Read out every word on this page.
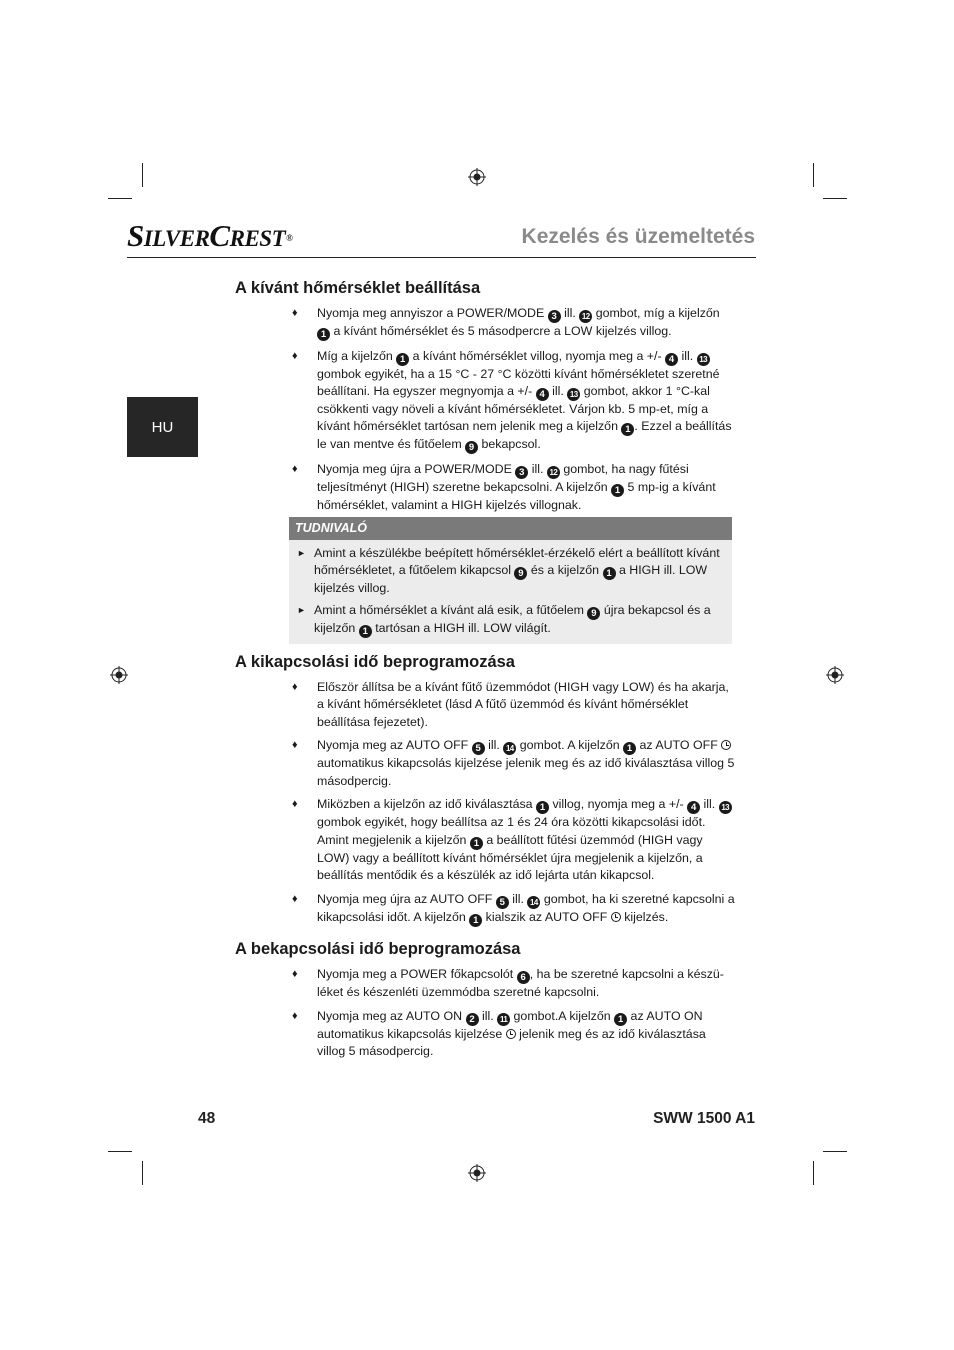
SILVERCREST®	Kezelés és üzemeltetés
HU
A kívánt hőmérséklet beállítása
♦ Nyomja meg annyiszor a POWER/MODE 3 ill. 12 gombot, míg a kijelzőn 1 a kívánt hőmérséklet és 5 másodpercre a LOW kijelzés villog.
♦ Míg a kijelzőn 1 a kívánt hőmérséklet villog, nyomja meg a +/- 4 ill. 13 gombok egyikét, ha a 15 °C - 27 °C közötti kívánt hőmérsékletet szeretné beállítani. Ha egyszer megnyomja a +/- 4 ill. 13 gombot, akkor 1 °C-kal csökkenti vagy növeli a kívánt hőmérsékletet. Várjon kb. 5 mp-et, míg a kívánt hőmérséklet tartósan nem jelenik meg a kijelzőn 1 . Ezzel a beállítás le van mentve és fűtőelem 9 bekapcsol.
♦ Nyomja meg újra a POWER/MODE 3 ill. 12 gombot, ha nagy fűtési teljesítményt (HIGH) szeretne bekapcsolni. A kijelzőn 1 5 mp-ig a kívánt hőmérséklet, valamint a HIGH kijelzés villognak.
TUDNIVALÓ
► Amint a készülékbe beépített hőmérséklet-érzékelő elért a beállított kívánt hőmérsékletet, a fűtőelem kikapcsol 9 és a kijelzőn 1 a HIGH ill. LOW kijelzés villog.
► Amint a hőmérséklet a kívánt alá esik, a fűtőelem 9 újra bekapcsol és a kijelzőn 1 tartósan a HIGH ill. LOW világít.
A kikapcsolási idő beprogramozása
♦ Először állítsa be a kívánt fűtő üzemmódot (HIGH vagy LOW) és ha akarja, a kívánt hőmérsékletet (lásd A fűtő üzemmód és kívánt hőmérséklet beállítása fejezetet).
♦ Nyomja meg az AUTO OFF 5 ill. 14 gombot. A kijelzőn 1 az AUTO OFF  automatikus kikapcsolás kijelzése jelenik meg és az idő kiválasztása villog 5 másodpercig.
♦ Miközben a kijelzőn az idő kiválasztása 1 villog, nyomja meg a +/- 4 ill. 13 gombok egyikét, hogy beállítsa az 1 és 24 óra közötti kikapcsolási időt. Amint megjelenik a kijelzőn 1 a beállított fűtési üzemmód (HIGH vagy LOW) vagy a beállított kívánt hőmérséklet újra megjelenik a kijelzőn, a beállítás mentődik és a készülék az idő lejárta után kikapcsol.
♦ Nyomja meg újra az AUTO OFF 5 ill. 14 gombot, ha ki szeretné kapcsolni a kikapcsolási időt. A kijelzőn 1 kialszik az AUTO OFF  kijelzés.
A bekapcsolási idő beprogramozása
♦ Nyomja meg a POWER főkapcsolót 6 , ha be szeretné kapcsolni a készü-léket és készenléti üzemmódba szeretné kapcsolni.
♦ Nyomja meg az AUTO ON 2 ill. 11 gombot.A kijelzőn 1 az AUTO ON automatikus kikapcsolás kijelzése  jelenik meg és az idő kiválasztása villog 5 másodpercig.
48	SWW 1500 A1
